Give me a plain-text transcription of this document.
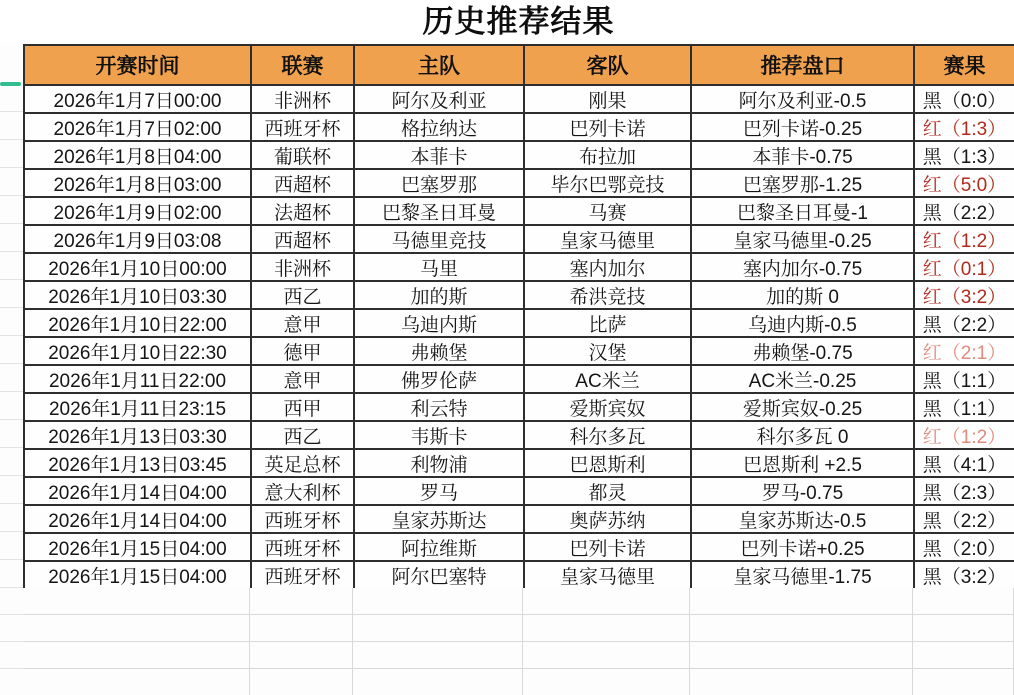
历史推荐结果
开赛时间	联赛	主队	客队	推荐盘口	赛果
2026年1月7日00:00	非洲杯	阿尔及利亚	刚果	阿尔及利亚-0.5	黑（0:0）
2026年1月7日02:00	西班牙杯	格拉纳达	巴列卡诺	巴列卡诺-0.25	红（1:3）
2026年1月8日04:00	葡联杯	本菲卡	布拉加	本菲卡-0.75	黑（1:3）
2026年1月8日03:00	西超杯	巴塞罗那	毕尔巴鄂竞技	巴塞罗那-1.25	红（5:0）
2026年1月9日02:00	法超杯	巴黎圣日耳曼	马赛	巴黎圣日耳曼-1	黑（2:2）
2026年1月9日03:08	西超杯	马德里竞技	皇家马德里	皇家马德里-0.25	红（1:2）
2026年1月10日00:00	非洲杯	马里	塞内加尔	塞内加尔-0.75	红（0:1）
2026年1月10日03:30	西乙	加的斯	希洪竞技	加的斯 0	红（3:2）
2026年1月10日22:00	意甲	乌迪内斯	比萨	乌迪内斯-0.5	黑（2:2）
2026年1月10日22:30	德甲	弗赖堡	汉堡	弗赖堡-0.75	红（2:1）
2026年1月11日22:00	意甲	佛罗伦萨	AC米兰	AC米兰-0.25	黑（1:1）
2026年1月11日23:15	西甲	利云特	爱斯宾奴	爱斯宾奴-0.25	黑（1:1）
2026年1月13日03:30	西乙	韦斯卡	科尔多瓦	科尔多瓦 0	红（1:2）
2026年1月13日03:45	英足总杯	利物浦	巴恩斯利	巴恩斯利 +2.5	黑（4:1）
2026年1月14日04:00	意大利杯	罗马	都灵	罗马-0.75	黑（2:3）
2026年1月14日04:00	西班牙杯	皇家苏斯达	奥萨苏纳	皇家苏斯达-0.5	黑（2:2）
2026年1月15日04:00	西班牙杯	阿拉维斯	巴列卡诺	巴列卡诺+0.25	黑（2:0）
2026年1月15日04:00	西班牙杯	阿尔巴塞特	皇家马德里	皇家马德里-1.75	黑（3:2）
